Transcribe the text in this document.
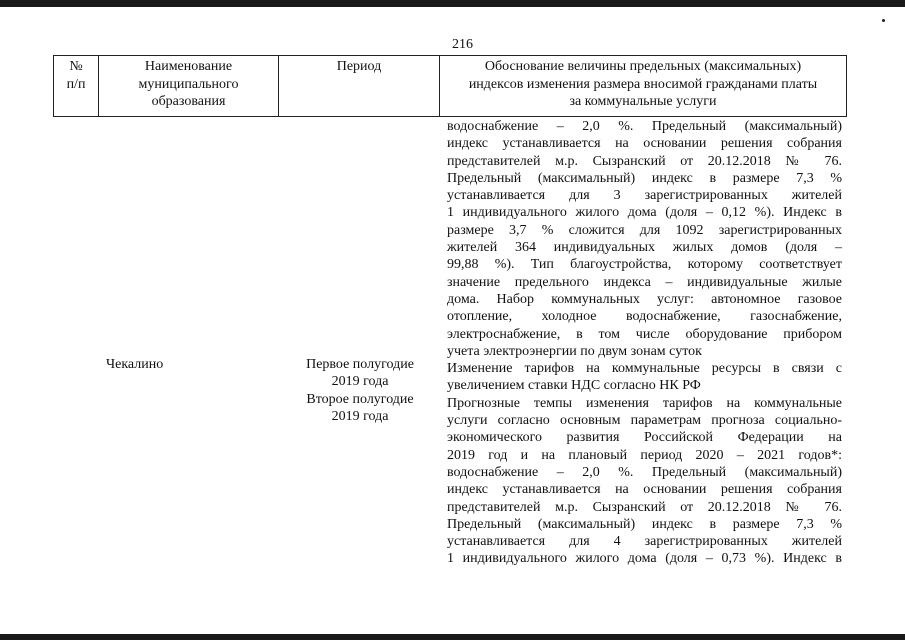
216
№
п/п
Наименование
муниципального
образования
Период	Обоснование величины предельных (максимальных)
индексов изменения размера вносимой гражданами платы
за коммунальные услуги
водоснабжение – 2,0 %. Предельный (максимальный)
индекс устанавливается на основании решения собрания
представителей м.р. Сызранский от 20.12.2018 № 76.
Предельный (максимальный) индекс в размере 7,3 %
устанавливается для 3 зарегистрированных жителей
1 индивидуального жилого дома (доля – 0,12 %). Индекс в
размере 3,7 % сложится для 1092 зарегистрированных
жителей 364 индивидуальных жилых домов (доля –
99,88 %). Тип благоустройства, которому соответствует
значение предельного индекса – индивидуальные жилые
дома. Набор коммунальных услуг: автономное газовое
отопление, холодное водоснабжение, газоснабжение,
электроснабжение, в том числе оборудование прибором
учета электроэнергии по двум зонам суток
Изменение тарифов на коммунальные ресурсы в связи с
увеличением ставки НДС согласно НК РФ
Прогнозные темпы изменения тарифов на коммунальные
услуги согласно основным параметрам прогноза социально-
экономического развития Российской Федерации на
2019 год и на плановый период 2020 – 2021 годов*:
водоснабжение – 2,0 %. Предельный (максимальный)
индекс устанавливается на основании решения собрания
представителей м.р. Сызранский от 20.12.2018 № 76.
Предельный (максимальный) индекс в размере 7,3 %
устанавливается для 4 зарегистрированных жителей
1 индивидуального жилого дома (доля – 0,73 %). Индекс в
Чекалино	Первое полугодие
2019 года
Второе полугодие
2019 года
